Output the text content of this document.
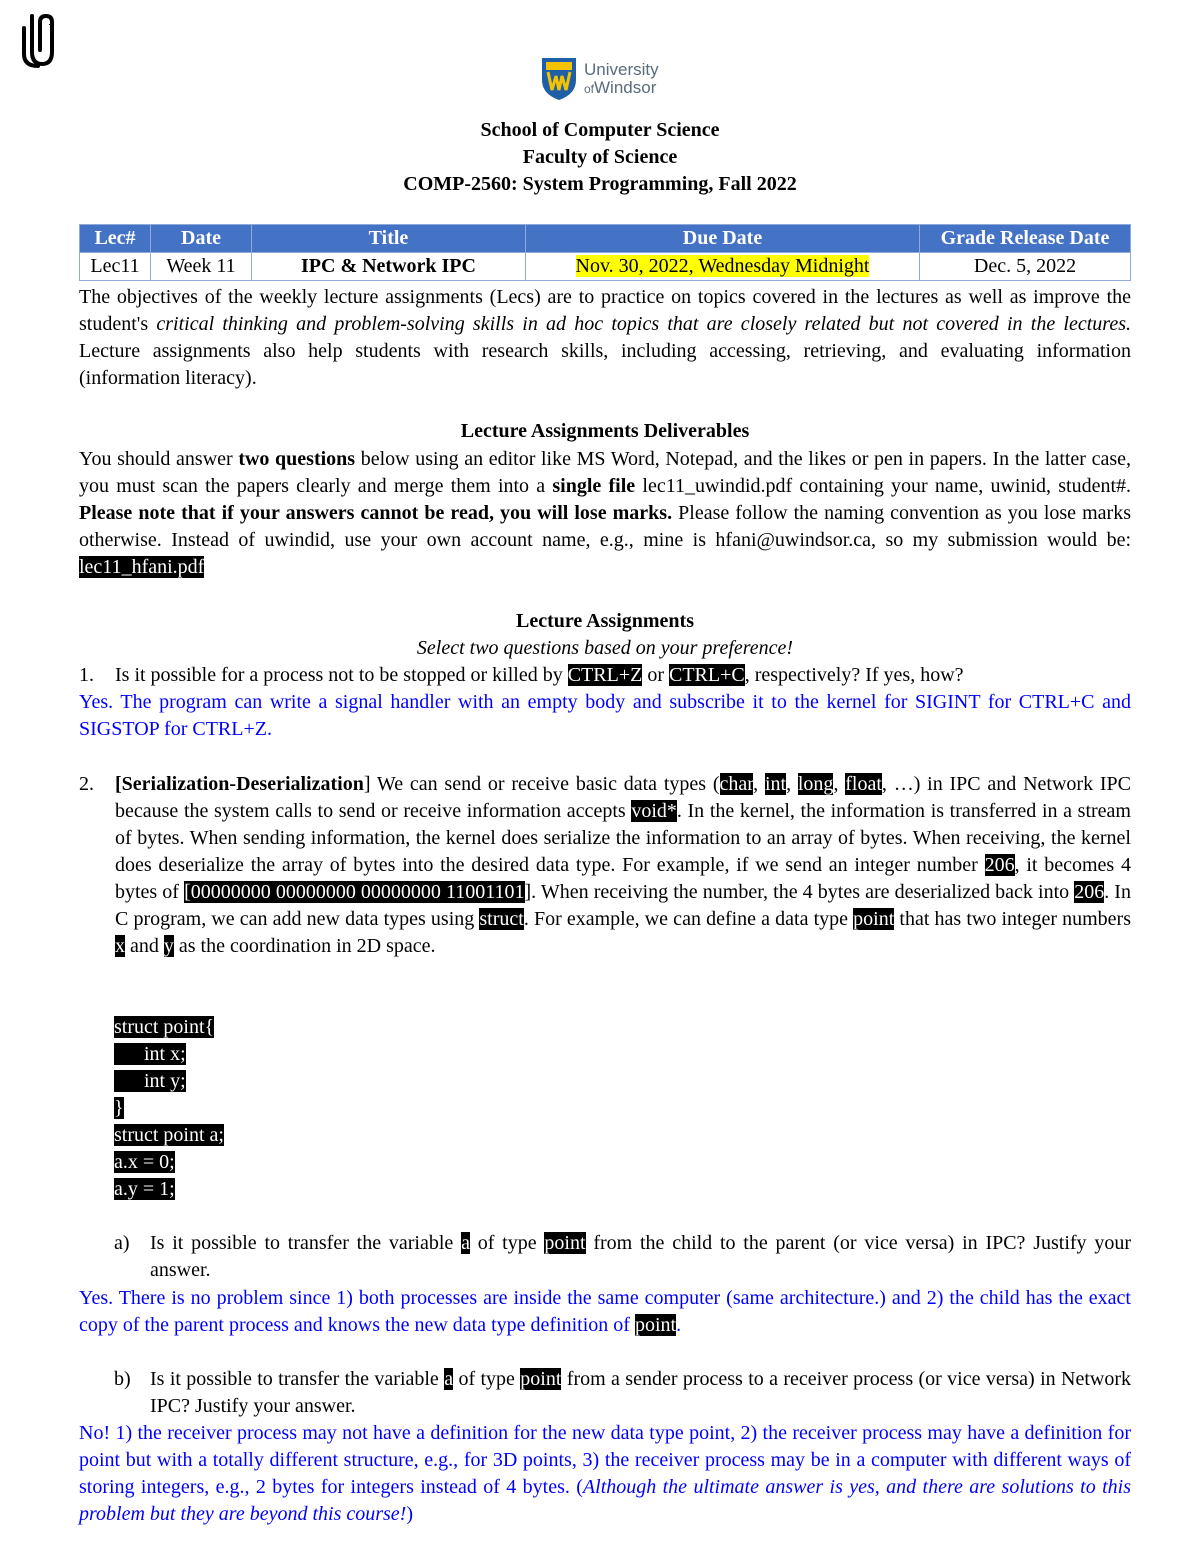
1
University
ofWindsor
School of Computer Science
Faculty of Science
COMP-2560: System Programming, Fall 2022
Lec#	Date	Title	Due Date	Grade Release Date
Lec11	Week 11	IPC & Network IPC	Nov. 30, 2022, Wednesday Midnight	Dec. 5, 2022
The objectives of the weekly lecture assignments (Lecs) are to practice on topics covered in the lectures as well as improve the student's critical thinking and problem-solving skills in ad hoc topics that are closely related but not covered in the lectures. Lecture assignments also help students with research skills, including accessing, retrieving, and evaluating information (information literacy).
Lecture Assignments Deliverables
You should answer two questions below using an editor like MS Word, Notepad, and the likes or pen in papers. In the latter case, you must scan the papers clearly and merge them into a single file lec11_uwindid.pdf containing your name, uwinid, student#. Please note that if your answers cannot be read, you will lose marks. Please follow the naming convention as you lose marks otherwise. Instead of uwindid, use your own account name, e.g., mine is hfani@uwindsor.ca, so my submission would be: lec11_hfani.pdf
Lecture Assignments
Select two questions based on your preference!
1. Is it possible for a process not to be stopped or killed by CTRL+Z or CTRL+C, respectively? If yes, how?
Yes. The program can write a signal handler with an empty body and subscribe it to the kernel for SIGINT for CTRL+C and SIGSTOP for CTRL+Z.
2. [Serialization-Deserialization] We can send or receive basic data types (char, int, long, float, …) in IPC and Network IPC because the system calls to send or receive information accepts void*. In the kernel, the information is transferred in a stream of bytes. When sending information, the kernel does serialize the information to an array of bytes. When receiving, the kernel does deserialize the array of bytes into the desired data type. For example, if we send an integer number 206, it becomes 4 bytes of [00000000 00000000 00000000 11001101]. When receiving the number, the 4 bytes are deserialized back into 206. In C program, we can add new data types using struct. For example, we can define a data type point that has two integer numbers x and y as the coordination in 2D space.
struct point{
int x;
int y;
}
struct point a;
a.x = 0;
a.y = 1;
a) Is it possible to transfer the variable a of type point from the child to the parent (or vice versa) in IPC? Justify your answer.
Yes. There is no problem since 1) both processes are inside the same computer (same architecture.) and 2) the child has the exact copy of the parent process and knows the new data type definition of point.
b) Is it possible to transfer the variable a of type point from a sender process to a receiver process (or vice versa) in Network IPC? Justify your answer.
No! 1) the receiver process may not have a definition for the new data type point, 2) the receiver process may have a definition for point but with a totally different structure, e.g., for 3D points, 3) the receiver process may be in a computer with different ways of storing integers, e.g., 2 bytes for integers instead of 4 bytes. (Although the ultimate answer is yes, and there are solutions to this problem but they are beyond this course!)
